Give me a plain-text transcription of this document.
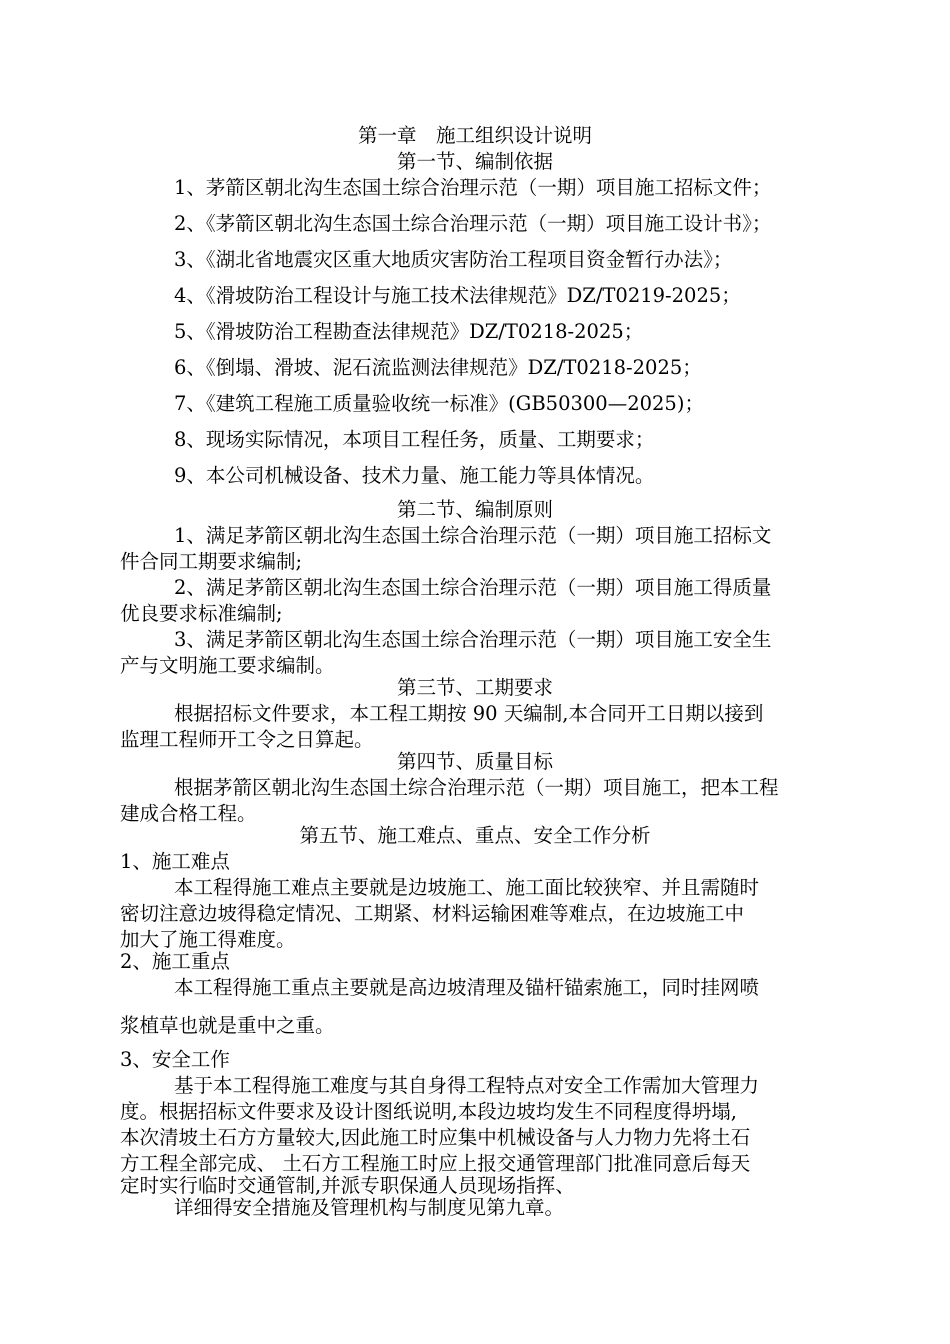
第一章　施工组织设计说明
第一节、编制依据
1、茅箭区朝北沟生态国土综合治理示范（一期）项目施工招标文件；
2、《茅箭区朝北沟生态国土综合治理示范（一期）项目施工设计书》；
3、《湖北省地震灾区重大地质灾害防治工程项目资金暂行办法》；
4、《滑坡防治工程设计与施工技术法律规范》DZ/T0219-2025；
5、《滑坡防治工程勘查法律规范》DZ/T0218-2025；
6、《倒塌、滑坡、泥石流监测法律规范》DZ/T0218-2025；
7、《建筑工程施工质量验收统一标准》(GB50300—2025)；
8、现场实际情况，本项目工程任务，质量、工期要求；
9、本公司机械设备、技术力量、施工能力等具体情况。
第二节、编制原则
1、满足茅箭区朝北沟生态国土综合治理示范（一期）项目施工招标文
件合同工期要求编制;
2、满足茅箭区朝北沟生态国土综合治理示范（一期）项目施工得质量
优良要求标准编制;
3、满足茅箭区朝北沟生态国土综合治理示范（一期）项目施工安全生
产与文明施工要求编制。
第三节、工期要求
根据招标文件要求，本工程工期按 90 天编制,本合同开工日期以接到
监理工程师开工令之日算起。
第四节、质量目标
根据茅箭区朝北沟生态国土综合治理示范（一期）项目施工，把本工程
建成合格工程。
第五节、施工难点、重点、安全工作分析
1、施工难点
本工程得施工难点主要就是边坡施工、施工面比较狭窄、并且需随时
密切注意边坡得稳定情况、工期紧、材料运输困难等难点，在边坡施工中
加大了施工得难度。
2、施工重点
本工程得施工重点主要就是高边坡清理及锚杆锚索施工，同时挂网喷
浆植草也就是重中之重。
3、安全工作
基于本工程得施工难度与其自身得工程特点对安全工作需加大管理力
度。根据招标文件要求及设计图纸说明,本段边坡均发生不同程度得坍塌,
本次清坡土石方方量较大,因此施工时应集中机械设备与人力物力先将土石
方工程全部完成、 土石方工程施工时应上报交通管理部门批准同意后每天
定时实行临时交通管制,并派专职保通人员现场指挥、
详细得安全措施及管理机构与制度见第九章。
